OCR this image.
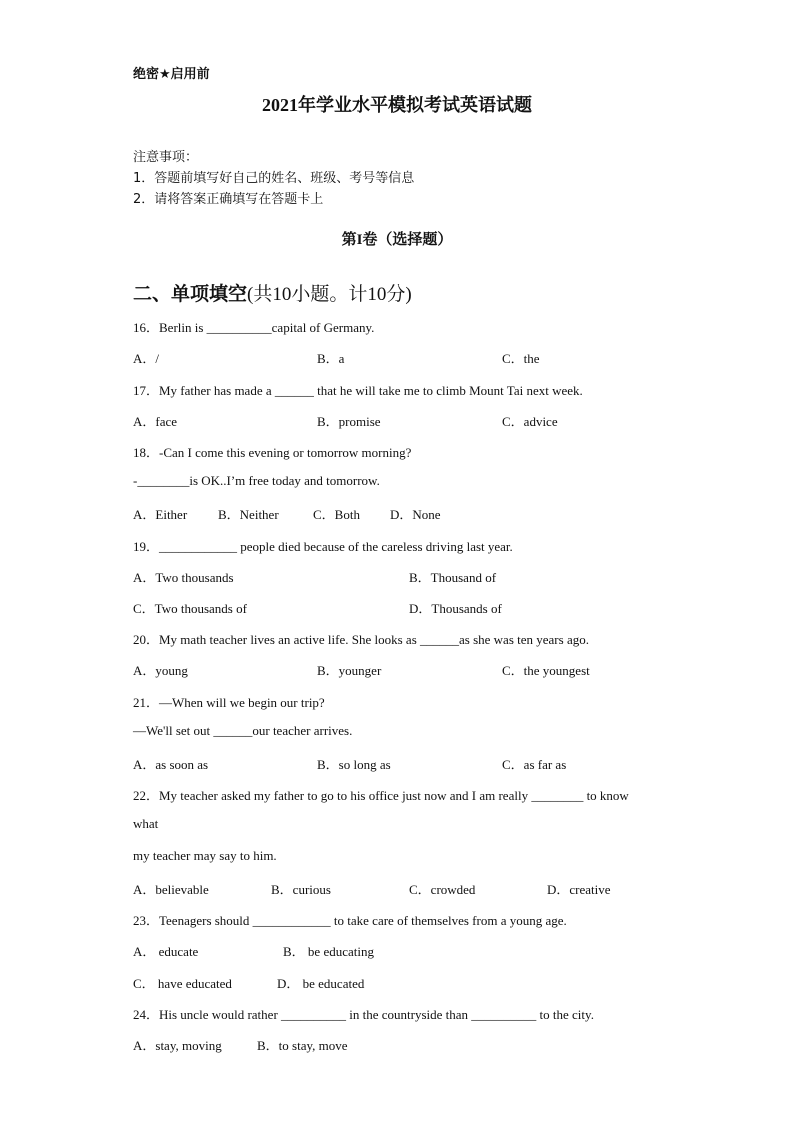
绝密★启用前
2021年学业水平模拟考试英语试题
注意事项：
1．答题前填写好自己的姓名、班级、考号等信息
2．请将答案正确填写在答题卡上
第I卷（选择题）
二、单项填空(共10小题。计10分)
16．Berlin is __________capital of Germany.
A．/	B．a	C．the
17．My father has made a ______ that he will take me to climb Mount Tai next week.
A．face	B．promise	C．advice
18．-Can I come this evening or tomorrow morning?
-________is OK..I’m free today and tomorrow.
A．Either B．Neither	C．Both D．None
19．____________ people died because of the careless driving last year.
A．Two thousands	B．Thousand of
C．Two thousands of	D．Thousands of
20．My math teacher lives an active life. She looks as ______as she was ten years ago.
A．young	B．younger	C．the youngest
21．—When will we begin our trip?
—We'll set out ______our teacher arrives.
A．as soon as	B．so long as	C．as far as
22．My teacher asked my father to go to his office just now and I am really ________ to know
what
my teacher may say to him.
A．believable	B．curious	C．crowded	D．creative
23．Teenagers should ____________ to take care of themselves from a young age.
A． educate	B． be educating
C． have educated	D． be educated
24．His uncle would rather __________ in the countryside than __________ to the city.
A．stay, moving	B．to stay, move
